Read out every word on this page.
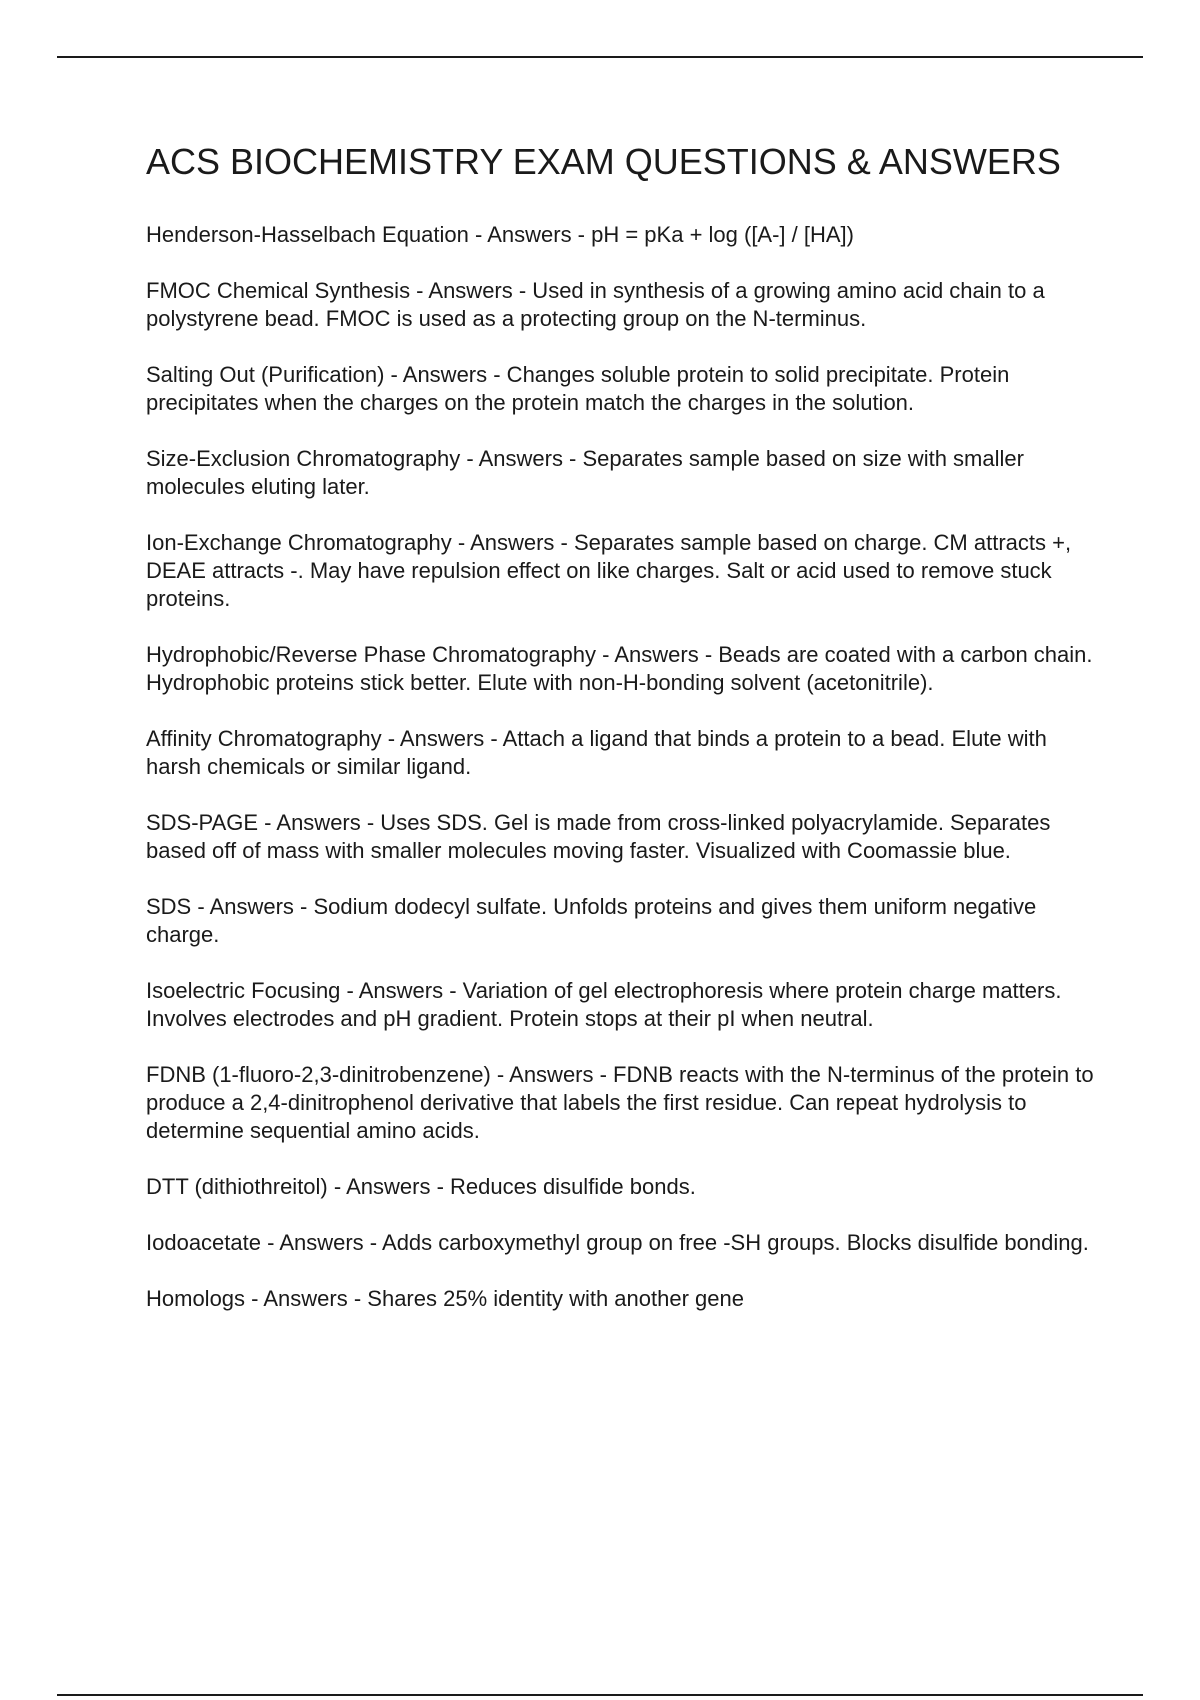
ACS BIOCHEMISTRY EXAM QUESTIONS & ANSWERS

Henderson-Hasselbach Equation - Answers - pH = pKa + log ([A-] / [HA])

FMOC Chemical Synthesis - Answers - Used in synthesis of a growing amino acid chain to a polystyrene bead. FMOC is used as a protecting group on the N-terminus.

Salting Out (Purification) - Answers - Changes soluble protein to solid precipitate. Protein precipitates when the charges on the protein match the charges in the solution.

Size-Exclusion Chromatography - Answers - Separates sample based on size with smaller molecules eluting later.

Ion-Exchange Chromatography - Answers - Separates sample based on charge. CM attracts +, DEAE attracts -. May have repulsion effect on like charges. Salt or acid used to remove stuck proteins.

Hydrophobic/Reverse Phase Chromatography - Answers - Beads are coated with a carbon chain. Hydrophobic proteins stick better. Elute with non-H-bonding solvent (acetonitrile).

Affinity Chromatography - Answers - Attach a ligand that binds a protein to a bead. Elute with harsh chemicals or similar ligand.

SDS-PAGE - Answers - Uses SDS. Gel is made from cross-linked polyacrylamide. Separates based off of mass with smaller molecules moving faster. Visualized with Coomassie blue.

SDS - Answers - Sodium dodecyl sulfate. Unfolds proteins and gives them uniform negative charge.

Isoelectric Focusing - Answers - Variation of gel electrophoresis where protein charge matters. Involves electrodes and pH gradient. Protein stops at their pI when neutral.

FDNB (1-fluoro-2,3-dinitrobenzene) - Answers - FDNB reacts with the N-terminus of the protein to produce a 2,4-dinitrophenol derivative that labels the first residue. Can repeat hydrolysis to determine sequential amino acids.

DTT (dithiothreitol) - Answers - Reduces disulfide bonds.

Iodoacetate - Answers - Adds carboxymethyl group on free -SH groups. Blocks disulfide bonding.

Homologs - Answers - Shares 25% identity with another gene
